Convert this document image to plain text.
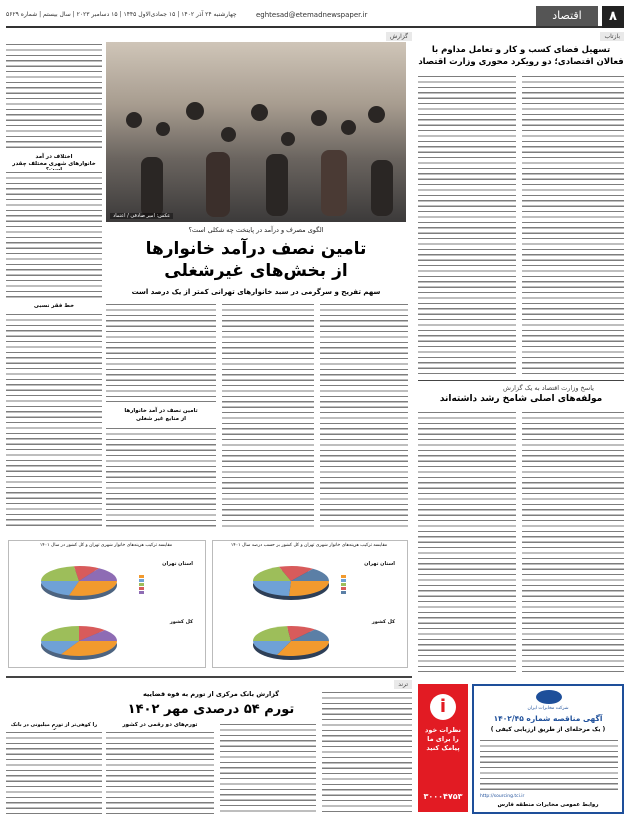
۸
اقتصاد
eghtesad@etemadnewspaper.ir
چهارشنبه ۲۴ آذر ۱۴۰۲ | ۱۵ جمادی‌الاول ۱۴۴۵ | ۱۵ دسامبر ۲۰۲۳ | سال بیستم | شماره ۵۶۲۹
بازتاب
تسهیل فضای کسب و کار و تعامل مداوم با فعالان اقتصادی؛ دو رویکرد محوری وزارت اقتصاد
یاسخ وزارت اقتصاد به یک گزارش
مولفه‌های اصلی شامخ رشد داشته‌اند
گزارش
عکس: امیر صادقی / اعتماد
الگوی مصرف و درآمد در پایتخت چه شکلی است؟
تامین نصف درآمد خانوارها
از بخش‌های غیرشغلی
سهم تفریح و سرگرمی در سبد خانوارهای تهرانی کمتر از یک درصد است
تامین نصف در آمد خانوارها
از منابع غیر شغلی
اختلاف در آمد
خانوارهای شهری مختلف چقدر
خط فقر نسبی
مقایسه ترکیب هزینه‌های خانوار شهری تهران و کل کشور در سال ۱۴۰۱
استان تهران
کل کشور
مقایسه ترکیب هزینه‌های خانوار شهری تهران و کل کشور بر حسب درصد سال ۱۴۰۱
استان تهران
کل کشور
ترند
گزارش بانک مرکزی از تورم به قوه قضاییه
تورم ۵۴ درصدی مهر ۱۴۰۲
تورم‌های دو رقمی در کشور
را کوهی‌تر از تورم میلیونی در بانک
i
نظرات خود را برای ما پیامک کنید
۳۰۰۰۴۷۵۳
شرکت مخابرات ایران
آگهی مناقصه شماره ۱۴۰۲/۴۵
( یک مرحله‌ای از طریق ارزیابی کیفی )
http://sourcing.tci.ir
روابط عمومی مخابرات منطقه فارس
